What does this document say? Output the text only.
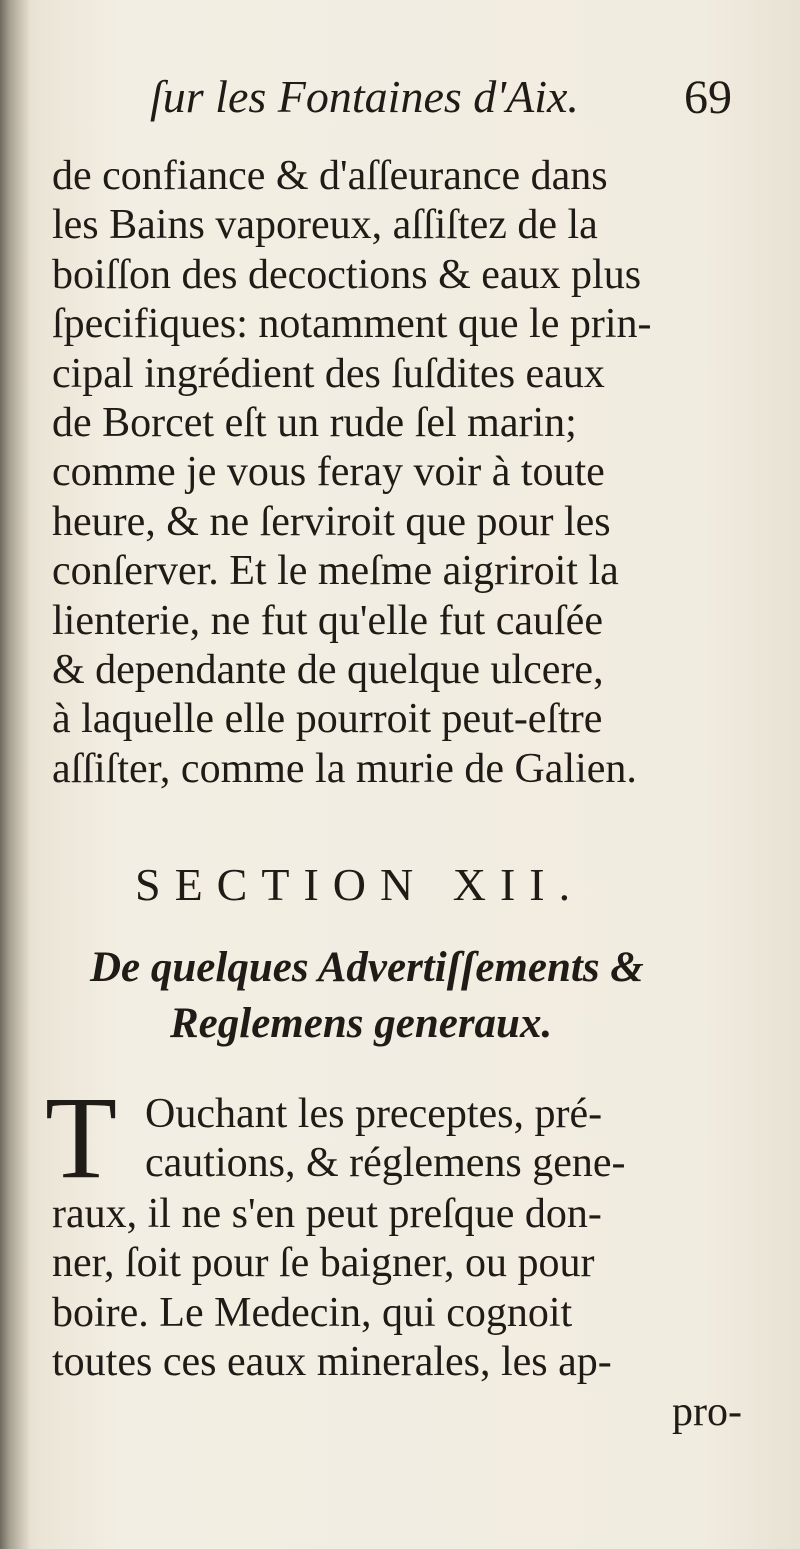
ſur les Fontaines d'Aix. 69
de confiance & d'aſſeurance dans
les Bains vaporeux, aſſiſtez de la
boiſſon des decoctions & eaux plus
ſpecifiques: notamment que le prin-
cipal ingrédient des ſuſdites eaux
de Borcet eſt un rude ſel marin;
comme je vous feray voir à toute
heure, & ne ſerviroit que pour les
conſerver. Et le meſme aigriroit la
lienterie, ne fut qu'elle fut cauſée
& dependante de quelque ulcere,
à laquelle elle pourroit peut-eſtre
aſſiſter, comme la murie de Galien.
SECTION XII.
De quelques Advertiſſements &
Reglemens generaux.
T Ouchant les preceptes, pré-
cautions, & réglemens gene-
raux, il ne s'en peut preſque don-
ner, ſoit pour ſe baigner, ou pour
boire. Le Medecin, qui cognoit
toutes ces eaux minerales, les ap-
pro-
